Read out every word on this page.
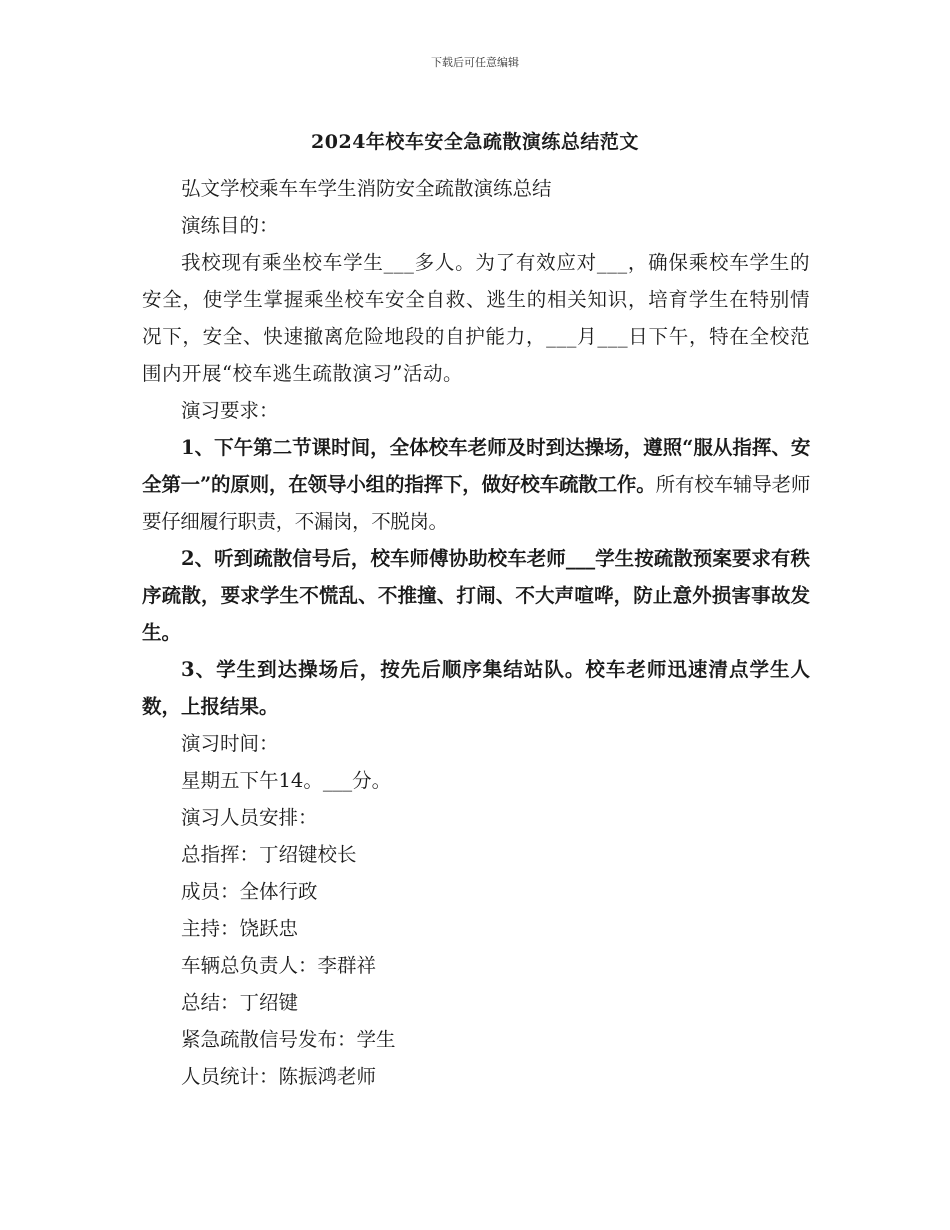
下载后可任意编辑
2024年校车安全急疏散演练总结范文

弘文学校乘车车学生消防安全疏散演练总结

演练目的：

我校现有乘坐校车学生___多人。为了有效应对___，确保乘校车学生的安全，使学生掌握乘坐校车安全自救、逃生的相关知识，培育学生在特别情况下，安全、快速撤离危险地段的自护能力，___月___日下午，特在全校范围内开展“校车逃生疏散演习”活动。

演习要求：

1、下午第二节课时间，全体校车老师及时到达操场，遵照“服从指挥、安全第一”的原则，在领导小组的指挥下，做好校车疏散工作。所有校车辅导老师要仔细履行职责，不漏岗，不脱岗。

2、听到疏散信号后，校车师傅协助校车老师___学生按疏散预案要求有秩序疏散，要求学生不慌乱、不推撞、打闹、不大声喧哗，防止意外损害事故发生。

3、学生到达操场后，按先后顺序集结站队。校车老师迅速清点学生人数，上报结果。

演习时间：

星期五下午14。___分。

演习人员安排：

总指挥：丁绍键校长

成员：全体行政

主持：饶跃忠

车辆总负责人：李群祥

总结：丁绍键

紧急疏散信号发布：学生

人员统计：陈振鸿老师
